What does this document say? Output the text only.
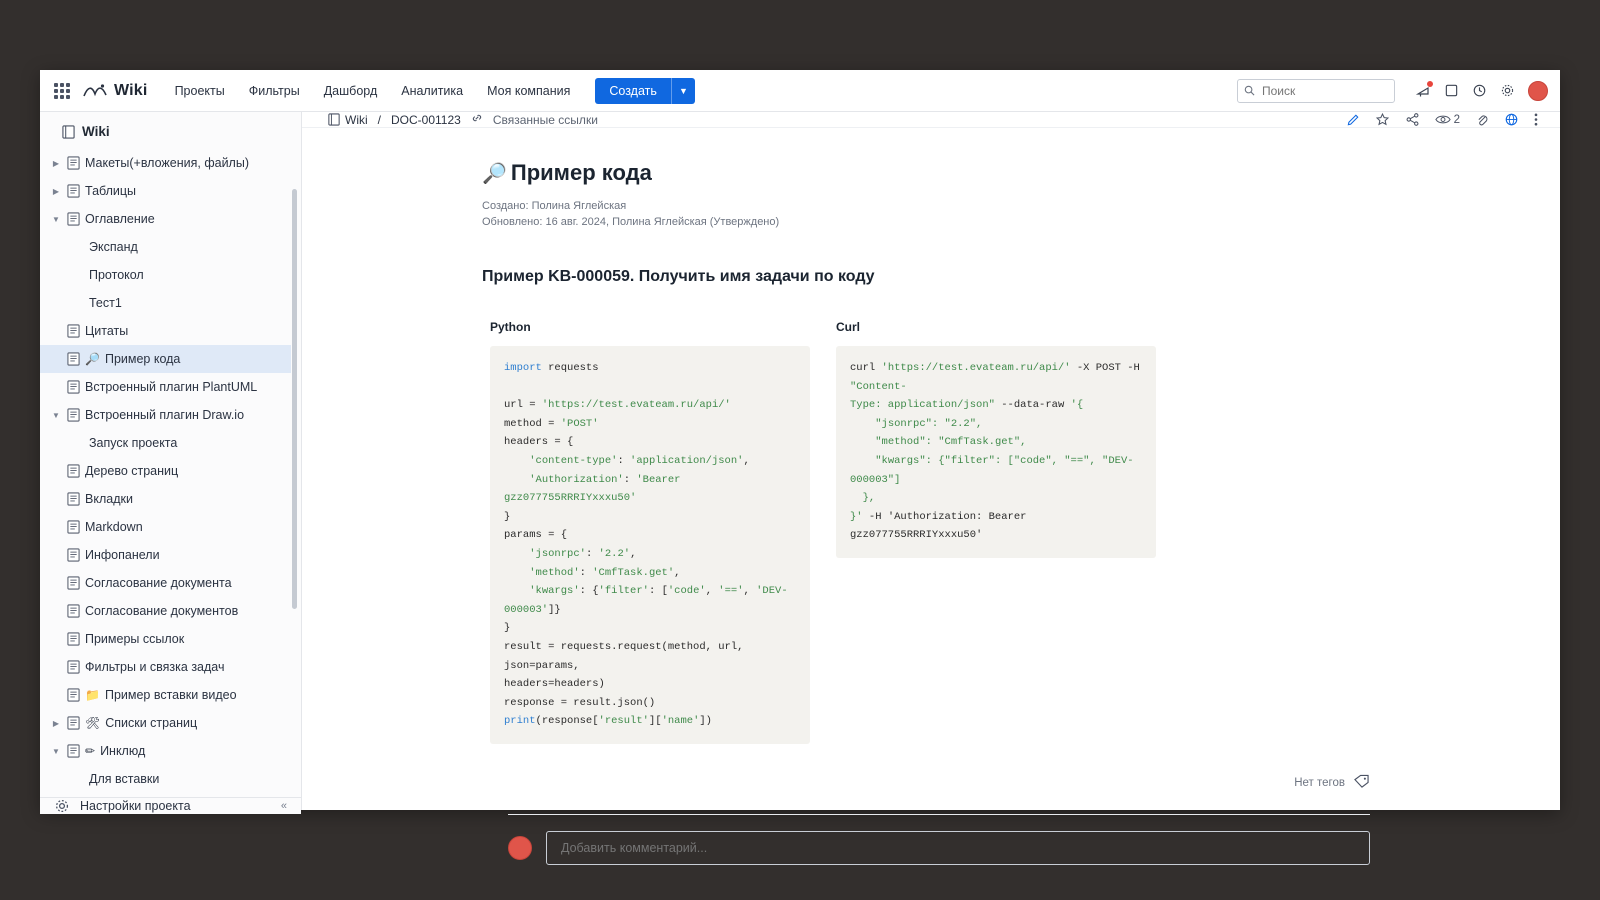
Wiki	Проекты	Фильтры	Дашборд	Аналитика	Моя компания	Создать	▼
Поиск
Wiki
▶ Макеты(+вложения, файлы)
▶ Таблицы
▼ Оглавление
Экспанд
Протокол
Тест1
Цитаты
🔎 Пример кода
Встроенный плагин PlantUML
▼ Встроенный плагин Draw.io
Запуск проекта
Дерево страниц
Вкладки
Markdown
Инфопанели
Согласование документа
Согласование документов
Примеры ссылок
Фильтры и связка задач
📁 Пример вставки видео
▶ 🛠 Списки страниц
▼ ✏ Инклюд
Для вставки
Настройки проекта	«
Wiki / DOC-001123	Связанные ссылки	2
🔎 Пример кода
Создано: Полина Яглейская
Обновлено: 16 авг. 2024, Полина Яглейская (Утверждено)
Пример KB-000059. Получить имя задачи по коду
Python
import requests

url = 'https://test.evateam.ru/api/'
method = 'POST'
headers = {
'content-type': 'application/json',
'Authorization': 'Bearer gzz077755RRRIYxxxu50'
}
params = {
'jsonrpc': '2.2',
'method': 'CmfTask.get',
'kwargs': {'filter': ['code', '==', 'DEV-000003']}
}
result = requests.request(method, url, json=params,
headers=headers)
response = result.json()
print(response['result']['name'])
Curl
curl 'https://test.evateam.ru/api/' -X POST -H "Content-
Type: application/json" --data-raw '{
"jsonrpc": "2.2",
"method": "CmfTask.get",
"kwargs": {"filter": ["code", "==", "DEV-000003"]
},
}' -H 'Authorization: Bearer gzz077755RRRIYxxxu50'
Нет тегов
Добавить комментарий...
